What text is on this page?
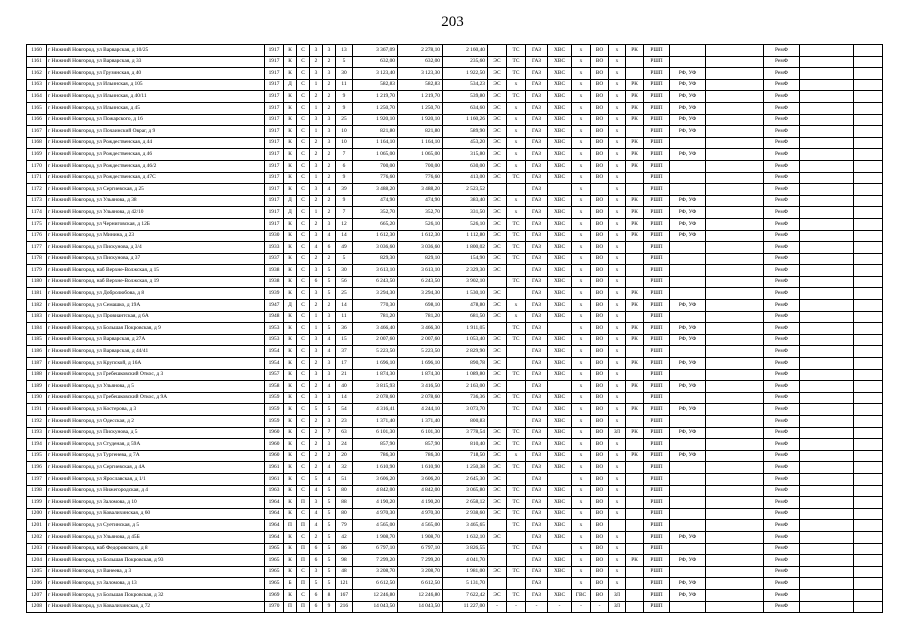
203
1160	г Нижний Новгород, ул Варварская, д 10/25	1917	К	С	3	3	13	3 367,09	2 278,10	2 160,40		ТС	ГАЗ	ХВС	х	ВО	х	РК	РШП			РемФ		
1161	г Нижний Новгород, ул Варварская, д 33	1917	К	С	2	2	5	632,00	632,00	235,60	ЭС	ТС	ГАЗ	ХВС	х	ВО	х		РШП			РемФ		
1162	г Нижний Новгород, ул Грузинская, д 40	1917	К	С	3	3	30	3 123,40	3 123,30	1 922,50	ЭС	ТС	ГАЗ	ХВС	х	ВО	х		РШП	РФ, УФ		РемФ		
1163	г Нижний Новгород, ул Ильинская, д 105	1917	Д	С	1	2	11	582,83	582,83	534,23	ЭС	х	ГАЗ	ХВС	х	ВО	х	РК	РШП	РФ, УФ		РемФ		
1164	г Нижний Новгород, ул Ильинская, д 40/11	1917	К	С	2	2	9	1 219,70	1 219,70	539,80	ЭС	ТС	ГАЗ	ХВС	х	ВО	х	РК	РШП	РФ, УФ		РемФ		
1165	г Нижний Новгород, ул Ильинская, д 45	1917	К	С	1	2	9	1 250,70	1 250,70	634,60	ЭС	х	ГАЗ	ХВС	х	ВО	х	РК	РШП	РФ, УФ		РемФ		
1166	г Нижний Новгород, ул Пожарского, д 16	1917	К	С	3	3	25	1 920,10	1 920,10	1 160,26	ЭС	х	ГАЗ	ХВС	х	ВО	х	РК	РШП	РФ, УФ		РемФ		
1167	г Нижний Новгород, ул Почаинский Овраг, д 9	1917	К	С	1	3	10	821,80	821,80	589,90	ЭС	х	ГАЗ	ХВС	х	ВО	х		РШП	РФ, УФ		РемФ		
1168	г Нижний Новгород, ул Рождественская, д 44	1917	К	С	2	3	10	1 164,10	1 164,10	453,20	ЭС	х	ГАЗ	ХВС	х	ВО	х	РК	РШП			РемФ		
1169	г Нижний Новгород, ул Рождественская, д 46	1917	К	С	2	2	7	1 065,00	1 065,00	315,80	ЭС	х	ГАЗ	ХВС	х	ВО	х	РК	РШП	РФ, УФ		РемФ		
1170	г Нижний Новгород, ул Рождественская, д 46/2	1917	К	С	3	2	6	700,00	700,00	630,00	ЭС	х	ГАЗ	ХВС	х	ВО	х	РК	РШП			РемФ		
1171	г Нижний Новгород, ул Рождественская, д 47С	1917	К	С	1	2	9	776,60	776,60	413,00	ЭС	ТС	ГАЗ	ХВС	х	ВО	х		РШП			РемФ		
1172	г Нижний Новгород, ул Сергиевская, д 25	1917	К	С	3	4	39	3 488,20	3 488,20	2 523,52			ГАЗ		х		х		РШП			РемФ		
1173	г Нижний Новгород, ул Ульянова, д 38	1917	Д	С	2	2	9	474,90	474,90	383,40	ЭС	х	ГАЗ	ХВС	х	ВО	х	РК	РШП	РФ, УФ		РемФ		
1174	г Нижний Новгород, ул Ульянова, д 42/10	1917	Д	С	1	2	7	352,70	352,70	331,50	ЭС	х	ГАЗ	ХВС	х	ВО	х	РК	РШП	РФ, УФ		РемФ		
1175	г Нижний Новгород, ул Черниговская, д 12Б	1917	К	С	2	3	12	665,20	526,10	526,10	ЭС	ТС	ГАЗ	ХВС	х	ВО	х	РК	РШП	РФ, УФ		РемФ		
1176	г Нижний Новгород, ул Минина, д 23	1930	К	С	3	4	14	1 612,30	1 612,30	1 112,80	ЭС	ТС	ГАЗ	ХВС	х	ВО	х	РК	РШП	РФ, УФ		РемФ		
1177	г Нижний Новгород, ул Пискунова, д 3/4	1933	К	С	4	6	49	3 036,60	3 036,60	1 800,02	ЭС	ТС	ГАЗ	ХВС	х	ВО	х		РШП			РемФ		
1178	г Нижний Новгород, ул Пискунова, д 37	1937	К	С	2	2	5	829,30	829,10	154,90	ЭС	ТС	ГАЗ	ХВС	х	ВО	х		РШП			РемФ		
1179	г Нижний Новгород, наб Верхне-Волжская, д 15	1938	К	С	3	5	30	3 613,10	3 613,10	2 329,30	ЭС		ГАЗ	ХВС	х	ВО	х		РШП			РемФ		
1180	г Нижний Новгород, наб Верхне-Волжская, д 19	1938	К	С	6	5	56	6 243,50	6 243,50	3 902,10		ТС	ГАЗ	ХВС	х	ВО	х		РШП			РемФ		
1181	г Нижний Новгород, ул Добролюбова, д 8	1939	К	С	3	5	25	3 294,30	3 294,30	1 530,10	ЭС		ГАЗ	ХВС	х	ВО	х	РК	РШП			РемФ		
1182	г Нижний Новгород, ул Семашко, д 19А	1947	Д	С	2	2	14	770,30	698,10	478,80	ЭС	х	ГАЗ	ХВС	х	ВО	х	РК	РШП	РФ, УФ		РемФ		
1183	г Нижний Новгород, ул Провиантская, д 6А	1948	К	С	1	3	11	781,20	781,20	681,50	ЭС	х	ГАЗ	ХВС	х	ВО	х		РШП			РемФ		
1184	г Нижний Новгород, ул Большая Покровская, д 9	1953	К	С	1	5	36	3 466,40	3 466,30	1 911,05		ТС	ГАЗ		х	ВО	х	РК	РШП	РФ, УФ		РемФ		
1185	г Нижний Новгород, ул Варварская, д 27А	1953	К	С	3	4	15	2 007,60	2 007,60	1 053,40	ЭС	ТС	ГАЗ	ХВС	х	ВО	х	РК	РШП	РФ, УФ		РемФ		
1186	г Нижний Новгород, ул Варварская, д 44/41	1954	К	С	3	4	37	5 223,50	5 223,50	2 829,90	ЭС		ГАЗ	ХВС	х	ВО	х		РШП			РемФ		
1187	г Нижний Новгород, ул Крупской, д 16А	1954	К	С	2	3	17	1 696,10	1 696,10	890,78	ЭС		ГАЗ	ХВС	х	ВО	х	РК	РШП	РФ, УФ		РемФ		
1188	г Нижний Новгород, ул Гребешковский Откос, д 3	1957	К	С	3	3	21	1 874,30	1 874,30	1 089,80	ЭС	ТС	ГАЗ	ХВС	х	ВО	х		РШП			РемФ		
1189	г Нижний Новгород, ул Ульянова, д 5	1958	К	С	2	4	40	3 815,93	3 416,50	2 163,00	ЭС		ГАЗ		х	ВО	х	РК	РШП	РФ, УФ		РемФ		
1190	г Нижний Новгород, ул Гребешковский Откос, д 9А	1959	К	С	3	3	14	2 078,60	2 078,60	736,36	ЭС	ТС	ГАЗ	ХВС	х	ВО	х		РШП			РемФ		
1191	г Нижний Новгород, ул Костерова, д 3	1959	К	С	5	5	54	4 316,41	4 244,10	3 073,70		ТС	ГАЗ	ХВС	х	ВО	х	РК	РШП	РФ, УФ		РемФ		
1192	г Нижний Новгород, ул Одесская, д 2	1959	К	С	2	3	23	1 371,40	1 371,40	800,83			ГАЗ	ХВС	х	ВО	х		РШП			РемФ		
1193	г Нижний Новгород, ул Пискунова, д 5	1960	К	С	2	7	63	6 101,30	6 101,30	3 778,54	ЭС	ТС	ГАЗ	ХВС	х	ВО	ЗЛ	РК	РШП	РФ, УФ		РемФ		
1194	г Нижний Новгород, ул Студеная, д 59А	1960	К	С	2	3	24	857,90	857,90	810,40	ЭС	ТС	ГАЗ	ХВС	х	ВО	х		РШП			РемФ		
1195	г Нижний Новгород, ул Тургенева, д 7А	1960	К	С	2	2	20	786,30	786,30	718,50	ЭС	х	ГАЗ	ХВС	х	ВО	х	РК	РШП	РФ, УФ		РемФ		
1196	г Нижний Новгород, ул Сергиевская, д 4А	1961	К	С	2	4	32	1 610,90	1 610,90	1 250,38	ЭС	ТС	ГАЗ	ХВС	х	ВО	х		РШП			РемФ		
1197	г Нижний Новгород, ул Ярославская, д 1/1	1961	К	С	5	4	51	3 606,20	3 606,20	2 645,30	ЭС		ГАЗ		х	ВО	х		РШП			РемФ		
1198	г Нижний Новгород, ул Нижегородская, д 4	1963	К	С	4	5	80	4 842,00	4 842,00	3 065,80	ЭС	ТС	ГАЗ	ХВС	х	ВО	х		РШП			РемФ		
1199	г Нижний Новгород, ул Заломова, д 10	1964	К	П	3	5	88	4 190,20	4 190,20	2 658,12	ЭС	ТС	ГАЗ	ХВС	х	ВО	х		РШП			РемФ		
1200	г Нижний Новгород, ул Ковалихинская, д 60	1964	К	С	4	5	80	4 970,30	4 970,30	2 938,60	ЭС	ТС	ГАЗ	ХВС	х	ВО	х		РШП			РемФ		
1201	г Нижний Новгород, ул Суетинская, д 5	1964	П	П	4	5	79	4 565,00	4 565,00	3 465,65		ТС	ГАЗ	ХВС	х	ВО			РШП			РемФ		
1202	г Нижний Новгород, ул Ульянова, д 45Б	1964	К	С	2	5	42	1 908,70	1 908,70	1 632,10	ЭС		ГАЗ	ХВС	х	ВО	х		РШП	РФ, УФ		РемФ		
1203	г Нижний Новгород, наб Федоровского, д 8	1965	К	П	6	5	86	6 797,10	6 797,10	3 826,55		ТС	ГАЗ		х	ВО	х		РШП			РемФ		
1204	г Нижний Новгород, ул Большая Покровская, д 93	1965	К	П	6	5	98	7 299,20	7 299,20	4 041,70			ГАЗ	ХВС	х	ВО	х	РК	РШП	РФ, УФ		РемФ		
1205	г Нижний Новгород, ул Ванеева, д 3	1965	К	С	3	5	48	3 208,70	3 208,70	1 981,00	ЭС	ТС	ГАЗ	ХВС	х	ВО	х		РШП			РемФ		
1206	г Нижний Новгород, ул Заломова, д 13	1965	Б	П	5	5	121	6 612,50	6 612,50	5 131,70			ГАЗ		х	ВО	х		РШП	РФ, УФ		РемФ		
1207	г Нижний Новгород, ул Большая Покровская, д 32	1969	К	С	6	8	167	12 246,80	12 246,80	7 622,42	ЭС	ТС	ГАЗ	ХВС	ГВС	ВО	ЗЛ		РШП	РФ, УФ		РемФ		
1208	г Нижний Новгород, ул Ковалихинская, д 72	1970	П	П	6	9	216	14 043,50	14 043,50	11 227,00	-	-	-	-	-	-	ЗЛ		РШП			РемФ		
